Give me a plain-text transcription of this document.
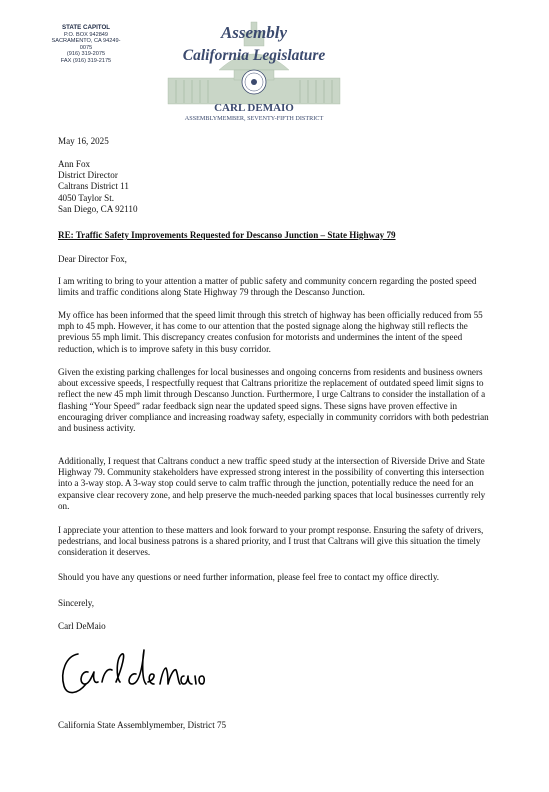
STATE CAPITOL
P.O. BOX 942849
SACRAMENTO, CA 94249-0075
(916) 319-2075
FAX (916) 319-2175
Assembly
California Legislature
CARL DEMAIO
ASSEMBLYMEMBER, SEVENTY-FIFTH DISTRICT
May 16, 2025
Ann Fox
District Director
Caltrans District 11
4050 Taylor St.
San Diego, CA 92110
RE: Traffic Safety Improvements Requested for Descanso Junction – State Highway 79
Dear Director Fox,

I am writing to bring to your attention a matter of public safety and community concern regarding the posted speed limits and traffic conditions along State Highway 79 through the Descanso Junction.

My office has been informed that the speed limit through this stretch of highway has been officially reduced from 55 mph to 45 mph. However, it has come to our attention that the posted signage along the highway still reflects the previous 55 mph limit. This discrepancy creates confusion for motorists and undermines the intent of the speed reduction, which is to improve safety in this busy corridor.

Given the existing parking challenges for local businesses and ongoing concerns from residents and business owners about excessive speeds, I respectfully request that Caltrans prioritize the replacement of outdated speed limit signs to reflect the new 45 mph limit through Descanso Junction. Furthermore, I urge Caltrans to consider the installation of a flashing “Your Speed” radar feedback sign near the updated speed signs. These signs have proven effective in encouraging driver compliance and increasing roadway safety, especially in community corridors with both pedestrian and business activity.

Additionally, I request that Caltrans conduct a new traffic speed study at the intersection of Riverside Drive and State Highway 79. Community stakeholders have expressed strong interest in the possibility of converting this intersection into a 3-way stop. A 3-way stop could serve to calm traffic through the junction, potentially reduce the need for an expansive clear recovery zone, and help preserve the much-needed parking spaces that local businesses currently rely on.

I appreciate your attention to these matters and look forward to your prompt response. Ensuring the safety of drivers, pedestrians, and local business patrons is a shared priority, and I trust that Caltrans will give this situation the timely consideration it deserves.

Should you have any questions or need further information, please feel free to contact my office directly.

Sincerely,
Carl DeMaio
California State Assemblymember, District 75
